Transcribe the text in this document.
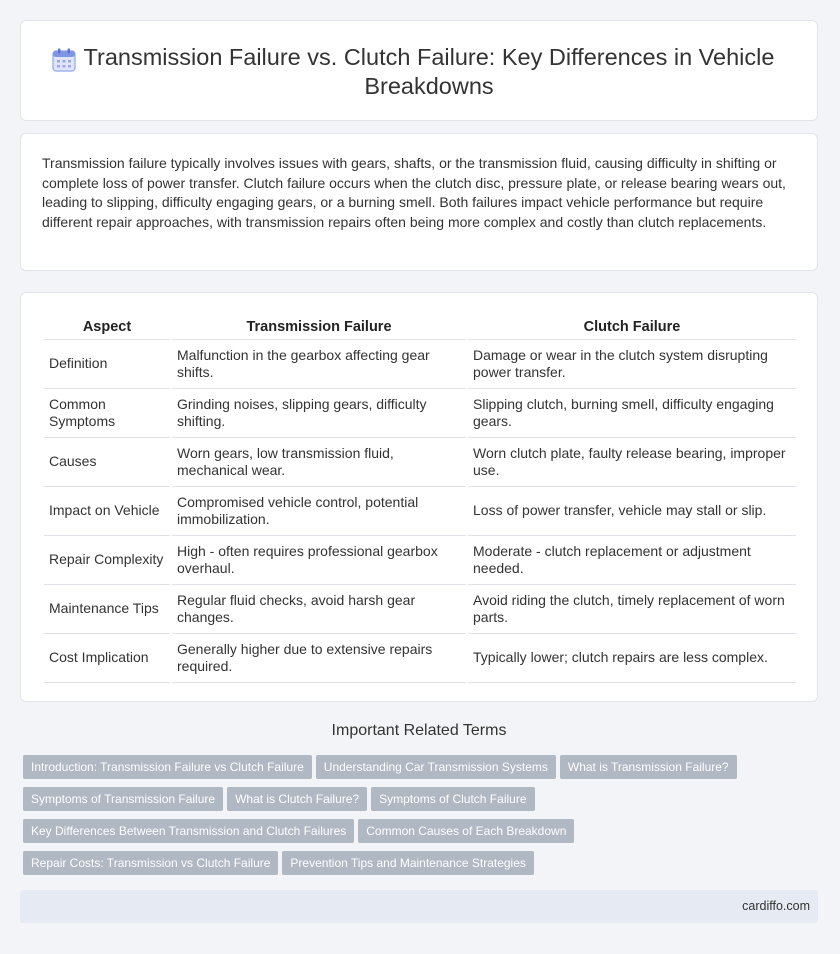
Transmission Failure vs. Clutch Failure: Key Differences in Vehicle Breakdowns

Transmission failure typically involves issues with gears, shafts, or the transmission fluid, causing difficulty in shifting or complete loss of power transfer. Clutch failure occurs when the clutch disc, pressure plate, or release bearing wears out, leading to slipping, difficulty engaging gears, or a burning smell. Both failures impact vehicle performance but require different repair approaches, with transmission repairs often being more complex and costly than clutch replacements.

Aspect	Transmission Failure	Clutch Failure
Definition	Malfunction in the gearbox affecting gear shifts.	Damage or wear in the clutch system disrupting power transfer.
Common Symptoms	Grinding noises, slipping gears, difficulty shifting.	Slipping clutch, burning smell, difficulty engaging gears.
Causes	Worn gears, low transmission fluid, mechanical wear.	Worn clutch plate, faulty release bearing, improper use.
Impact on Vehicle	Compromised vehicle control, potential immobilization.	Loss of power transfer, vehicle may stall or slip.
Repair Complexity	High - often requires professional gearbox overhaul.	Moderate - clutch replacement or adjustment needed.
Maintenance Tips	Regular fluid checks, avoid harsh gear changes.	Avoid riding the clutch, timely replacement of worn parts.
Cost Implication	Generally higher due to extensive repairs required.	Typically lower; clutch repairs are less complex.
Important Related Terms
Introduction: Transmission Failure vs Clutch Failure Understanding Car Transmission Systems What is Transmission Failure?
Symptoms of Transmission Failure What is Clutch Failure? Symptoms of Clutch Failure
Key Differences Between Transmission and Clutch Failures Common Causes of Each Breakdown
Repair Costs: Transmission vs Clutch Failure Prevention Tips and Maintenance Strategies
cardiffo.com
